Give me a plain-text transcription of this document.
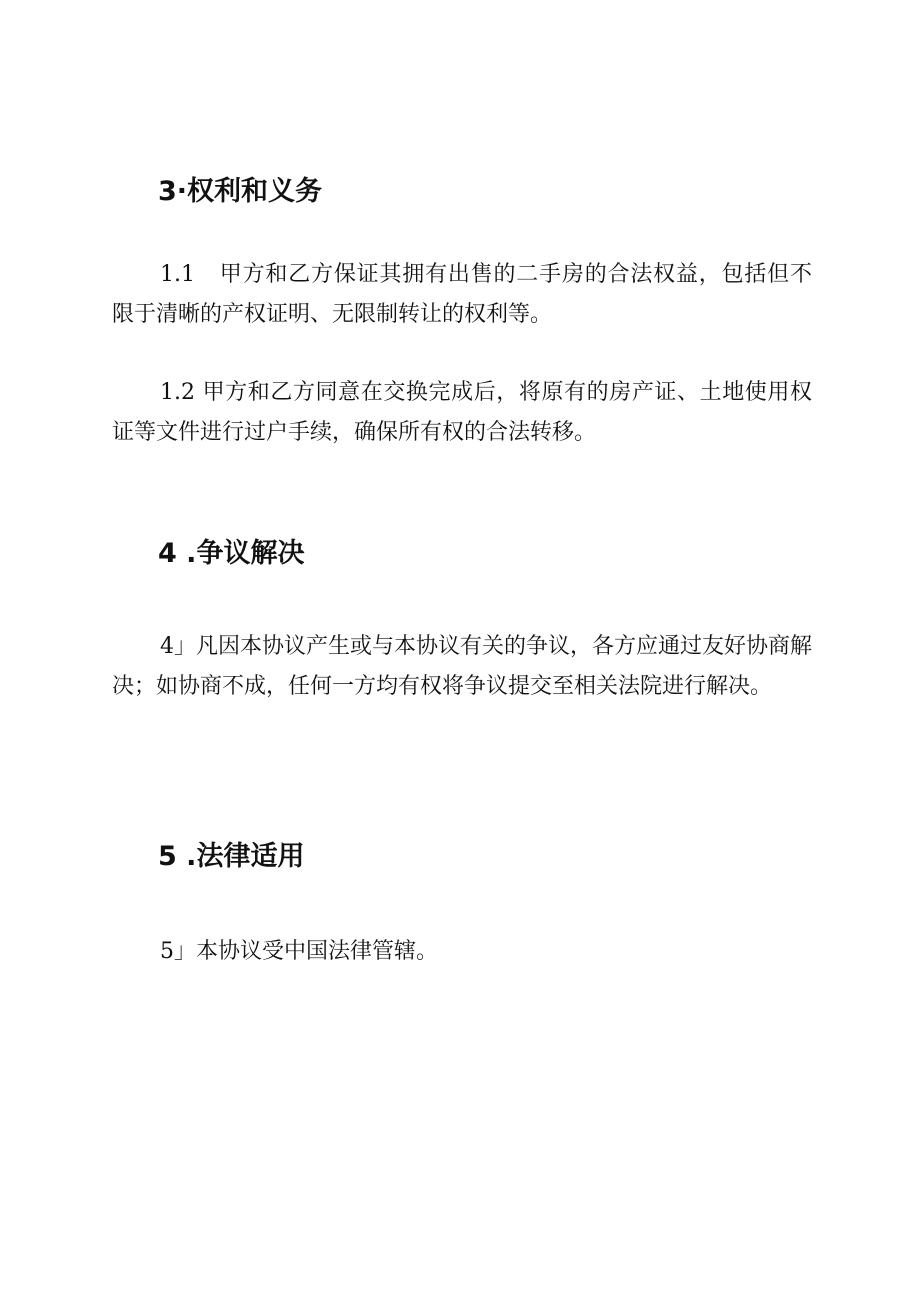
3·权利和义务

1.1 甲方和乙方保证其拥有出售的二手房的合法权益，包括但不限于清晰的产权证明、无限制转让的权利等。

1.2 甲方和乙方同意在交换完成后，将原有的房产证、土地使用权证等文件进行过户手续，确保所有权的合法转移。

4 .争议解决

4」凡因本协议产生或与本协议有关的争议，各方应通过友好协商解决；如协商不成，任何一方均有权将争议提交至相关法院进行解决。

5 .法律适用

5」本协议受中国法律管辖。
